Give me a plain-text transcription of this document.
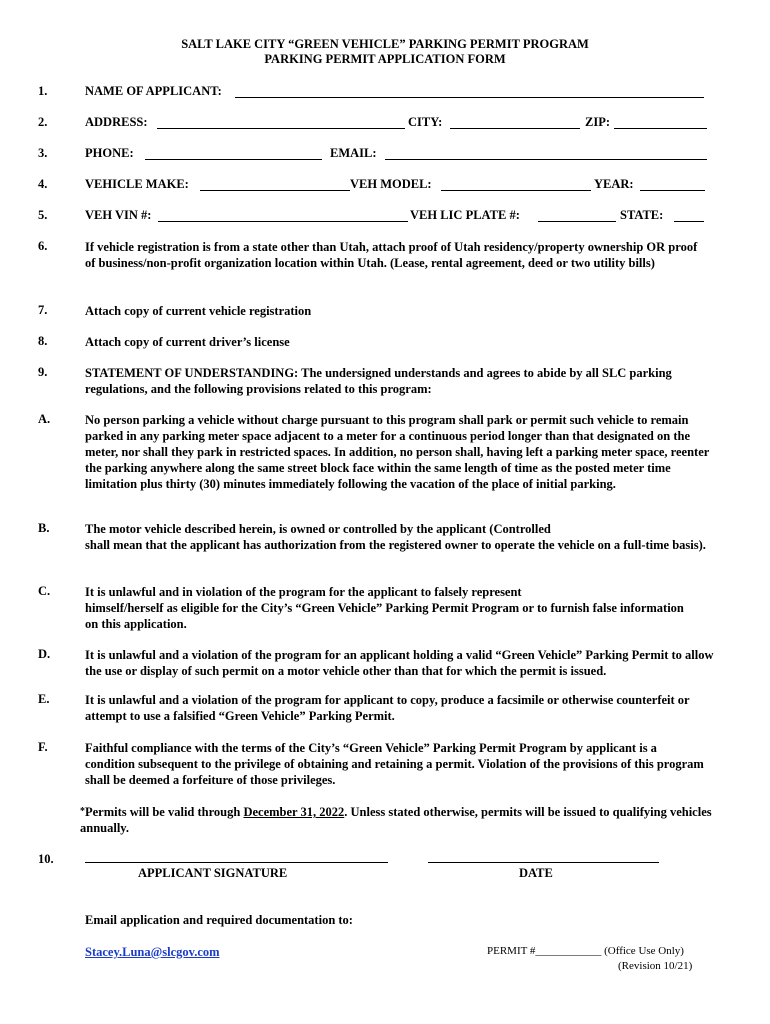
SALT LAKE CITY “GREEN VEHICLE” PARKING PERMIT PROGRAM
PARKING PERMIT APPLICATION FORM
1.	NAME OF APPLICANT:
2.	ADDRESS:	CITY:	ZIP:
3.	PHONE:	EMAIL:
4.	VEHICLE MAKE:	VEH MODEL:	YEAR:
5.	VEH VIN #:	VEH LIC PLATE #:	STATE:
6.	If vehicle registration is from a state other than Utah, attach proof of Utah residency/property ownership OR proof of business/non-profit organization location within Utah. (Lease, rental agreement, deed or two utility bills)
7.	Attach copy of current vehicle registration
8.	Attach copy of current driver’s license
9.	STATEMENT OF UNDERSTANDING: The undersigned understands and agrees to abide by all SLC parking regulations, and the following provisions related to this program:
A.	No person parking a vehicle without charge pursuant to this program shall park or permit such vehicle to remain parked in any parking meter space adjacent to a meter for a continuous period longer than that designated on the meter, nor shall they park in restricted spaces. In addition, no person shall, having left a parking meter space, reenter the parking anywhere along the same street block face within the same length of time as the posted meter time limitation plus thirty (30) minutes immediately following the vacation of the place of initial parking.
B.	The motor vehicle described herein, is owned or controlled by the applicant (Controlled
shall mean that the applicant has authorization from the registered owner to operate the vehicle on a full-time basis).
C.	It is unlawful and in violation of the program for the applicant to falsely represent
himself/herself as eligible for the City’s “Green Vehicle” Parking Permit Program or to furnish false information on this application.
D.	It is unlawful and a violation of the program for an applicant holding a valid “Green Vehicle” Parking Permit to allow the use or display of such permit on a motor vehicle other than that for which the permit is issued.
E.	It is unlawful and a violation of the program for applicant to copy, produce a facsimile or otherwise counterfeit or attempt to use a falsified “Green Vehicle” Parking Permit.
F.	Faithful compliance with the terms of the City’s “Green Vehicle” Parking Permit Program by applicant is a condition subsequent to the privilege of obtaining and retaining a permit. Violation of the provisions of this program shall be deemed a forfeiture of those privileges.
*Permits will be valid through December 31, 2022. Unless stated otherwise, permits will be issued to qualifying vehicles annually.
10.
APPLICANT SIGNATURE	DATE
Email application and required documentation to:
Stacey.Luna@slcgov.com	PERMIT #____________ (Office Use Only)
(Revision 10/21)
